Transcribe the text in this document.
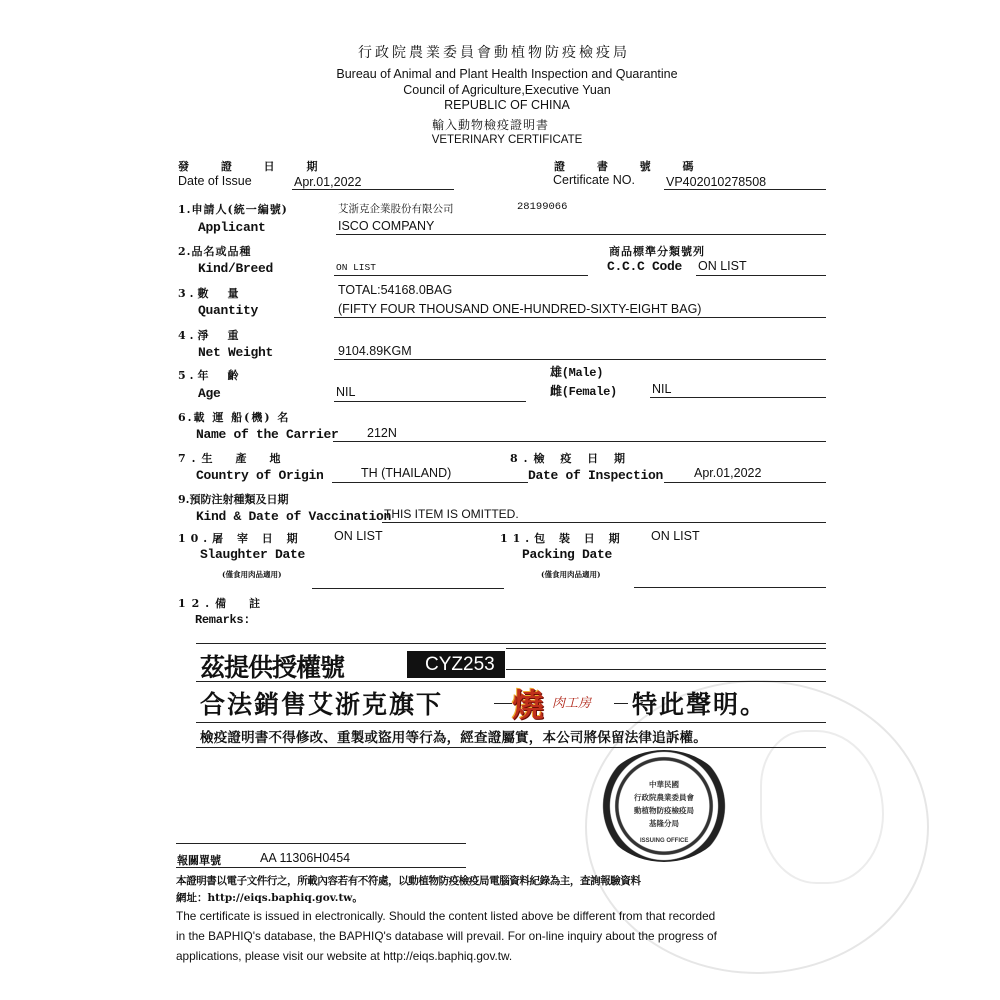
行政院農業委員會動植物防疫檢疫局
Bureau of Animal and Plant Health Inspection and Quarantine
Council of Agriculture,Executive Yuan
REPUBLIC OF CHINA
輸入動物檢疫證明書
VETERINARY CERTIFICATE
發 證 日 期
Date of Issue	Apr.01,2022
證 書 號 碼
Certificate NO. VP402010278508
1.申請人(統一編號)
Applicant
艾浙克企業股份有限公司	28199066
ISCO COMPANY
2.品名或品種
Kind/Breed	ON LIST
商品標準分類號列
C.C.C Code ON LIST
3.數　量
Quantity
TOTAL:54168.0BAG
(FIFTY FOUR THOUSAND ONE-HUNDRED-SIXTY-EIGHT BAG)
4.淨　重
Net Weight	9104.89KGM
5.年　齡
Age	NIL
雄(Male)
雌(Female)	NIL
6.載 運 船(機) 名
Name of the Carrier 212N
7.生　產　地
Country of Origin	TH (THAILAND)
8.檢 疫 日 期
Date of Inspection Apr.01,2022
9.預防注射種類及日期
Kind & Date of Vaccination
THIS ITEM IS OMITTED.
10.屠 宰 日 期	ON LIST
Slaughter Date
(僅食用肉品適用)
11.包 裝 日 期 ON LIST
Packing Date
(僅食用肉品適用)
12.備　註
Remarks:
茲提供授權號	CYZ253
合法銷售艾浙克旗下 燒 肉工房 特此聲明。
檢疫證明書不得修改、重製或盜用等行為，經查證屬實，本公司將保留法律追訴權。
中華民國
行政院農業委員會
動植物防疫檢疫局
基隆分局
ISSUING OFFICE
報關單號	AA 11306H0454
本證明書以電子文件行之，所載內容若有不符處，以動植物防疫檢疫局電腦資料紀錄為主，查詢報驗資料
網址：http://eiqs.baphiq.gov.tw。
The certificate is issued in electronically. Should the content listed above be different from that recorded
in the BAPHIQ's database, the BAPHIQ's database will prevail. For on-line inquiry about the progress of
applications, please visit our website at http://eiqs.baphiq.gov.tw.
